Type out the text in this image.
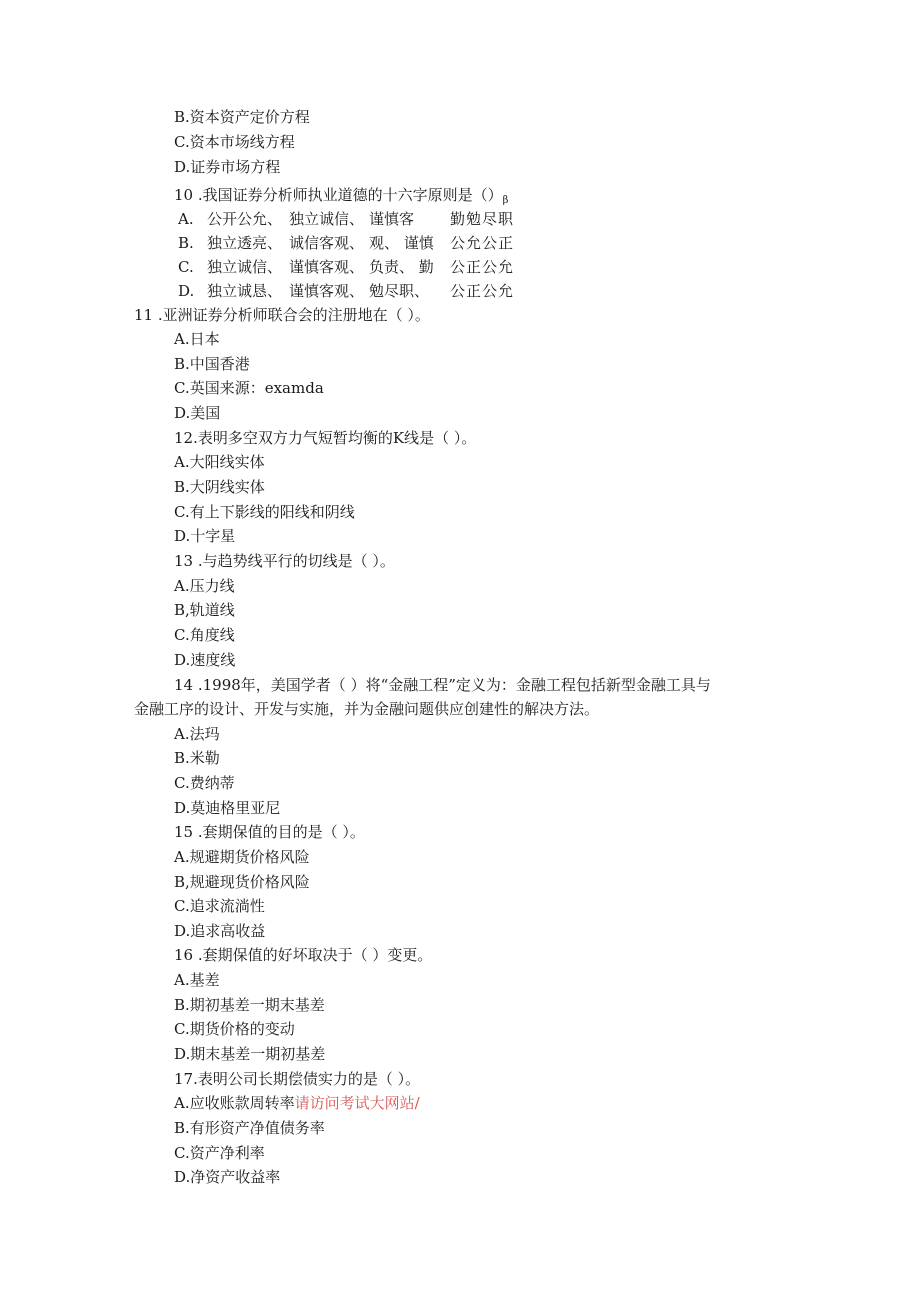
B.资本资产定价方程
C.资本市场线方程
D.证券市场方程
10 .我国证券分析师执业道德的十六字原则是$()_\beta$
A. 公开公允、 独立诚信、 谨慎客 勤勉尽职
B. 独立透亮、 诚信客观、 观、 谨慎 公允公正
C. 独立诚信、 谨慎客观、 负责、 勤 公正公允
D. 独立诚恳、 谨慎客观、 勉尽职、 公正公允
11 .亚洲证券分析师联合会的注册地在（ ）。
A.日本
B.中国香港
C.英国来源：examda
D.美国
12.表明多空双方力气短暂均衡的K线是（ ）。
A.大阳线实体
B.大阴线实体
C.有上下影线的阳线和阴线
D.十字星
13 .与趋势线平行的切线是（ ）。
A.压力线
B,轨道线
C.角度线
D.速度线
14 .1998年，美国学者（ ）将“金融工程”定义为：金融工程包括新型金融工具与
金融工序的设计、开发与实施，并为金融问题供应创建性的解决方法。
A.法玛
B.米勒
C.费纳蒂
D.莫迪格里亚尼
15 .套期保值的目的是（ ）。
A.规避期货价格风险
B,规避现货价格风险
C.追求流淌性
D.追求高收益
16 .套期保值的好坏取决于（ ）变更。
A.基差
B.期初基差一期末基差
C.期货价格的变动
D.期末基差一期初基差
17.表明公司长期偿债实力的是（ ）。
A.应收账款周转率请访问考试大网站/
B.有形资产净值债务率
C.资产净利率
D.净资产收益率
